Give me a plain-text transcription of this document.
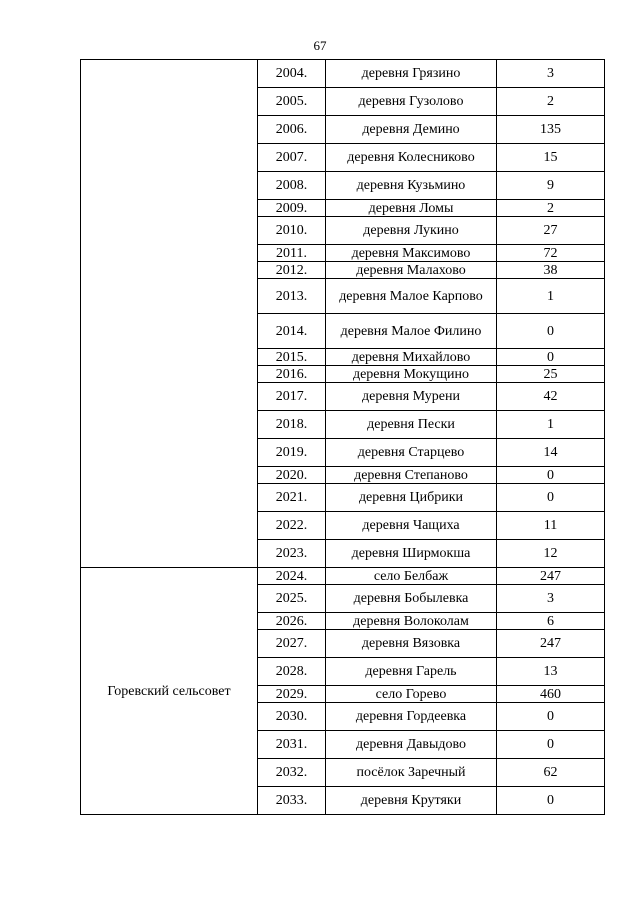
67
	2004.	деревня Грязино	3
	2005.	деревня Гузолово	2
	2006.	деревня Демино	135
	2007.	деревня Колесниково	15
	2008.	деревня Кузьмино	9
	2009.	деревня Ломы	2
	2010.	деревня Лукино	27
	2011.	деревня Максимово	72
	2012.	деревня Малахово	38
	2013.	деревня Малое Карпово	1
	2014.	деревня Малое Филино	0
	2015.	деревня Михайлово	0
	2016.	деревня Мокущино	25
	2017.	деревня Мурени	42
	2018.	деревня Пески	1
	2019.	деревня Старцево	14
	2020.	деревня Степаново	0
	2021.	деревня Цибрики	0
	2022.	деревня Чащиха	11
	2023.	деревня Ширмокша	12
Горевский сельсовет	2024.	село Белбаж	247
	2025.	деревня Бобылевка	3
	2026.	деревня Волоколам	6
	2027.	деревня Вязовка	247
	2028.	деревня Гарель	13
	2029.	село Горево	460
	2030.	деревня Гордеевка	0
	2031.	деревня Давыдово	0
	2032.	посёлок Заречный	62
	2033.	деревня Крутяки	0
